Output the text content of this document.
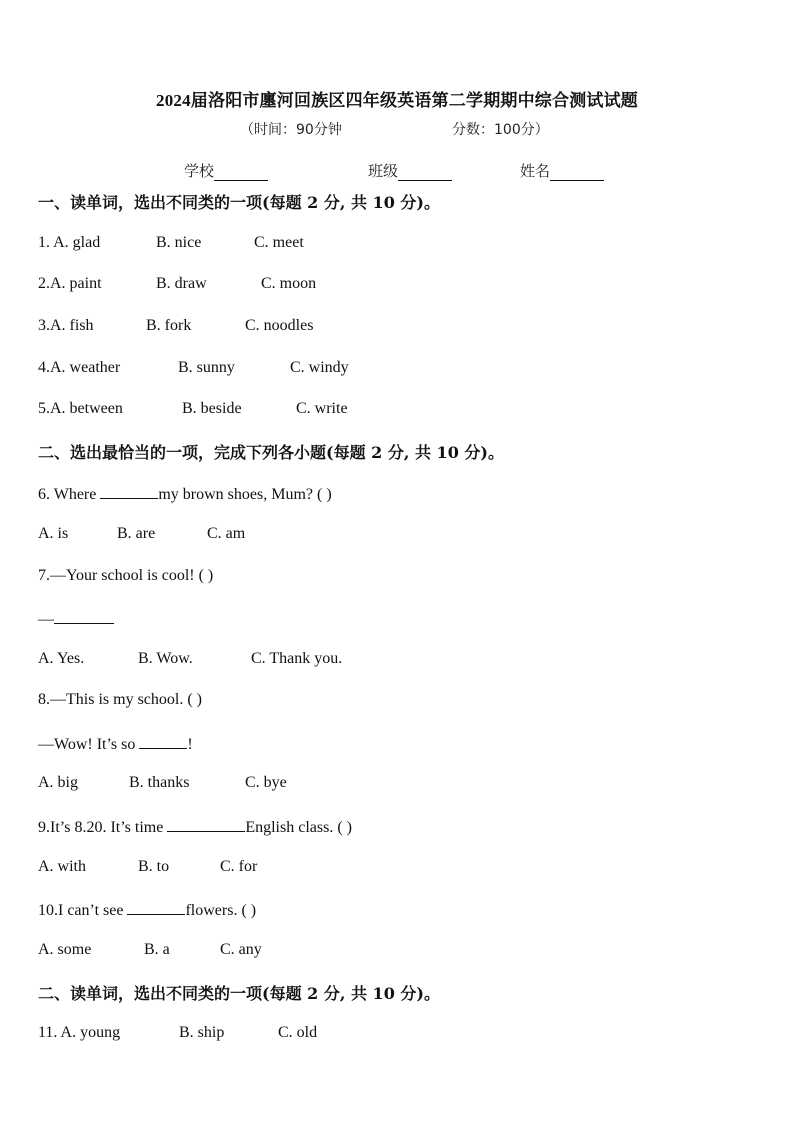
2024届洛阳市廛河回族区四年级英语第二学期期中综合测试试题
（时间：90分钟	分数：100分）
学校	班级	姓名
一、读单词，选出不同类的一项(每题 2 分, 共 10 分)。
1. A. glad	B. nice	C. meet
2.A. paint	B. draw	C. moon
3.A. fish	B. fork	C. noodles
4.A. weather	B. sunny	C. windy
5.A. between	B. beside	C. write
二、选出最恰当的一项，完成下列各小题(每题 2 分, 共 10 分)。
6. Where	my brown shoes, Mum? ( )
A. is	B. are	C. am
7.—Your school is cool! ( )
—
A. Yes.	B. Wow.	C. Thank you.
8.—This is my school. ( )
—Wow! It’s so	!
A. big	B. thanks	C. bye
9.It’s 8.20. It’s time	English class. ( )
A. with	B. to	C. for
10.I can’t see	flowers. ( )
A. some	B. a	C. any
二、读单词，选出不同类的一项(每题 2 分, 共 10 分)。
11. A. young	B. ship	C. old
